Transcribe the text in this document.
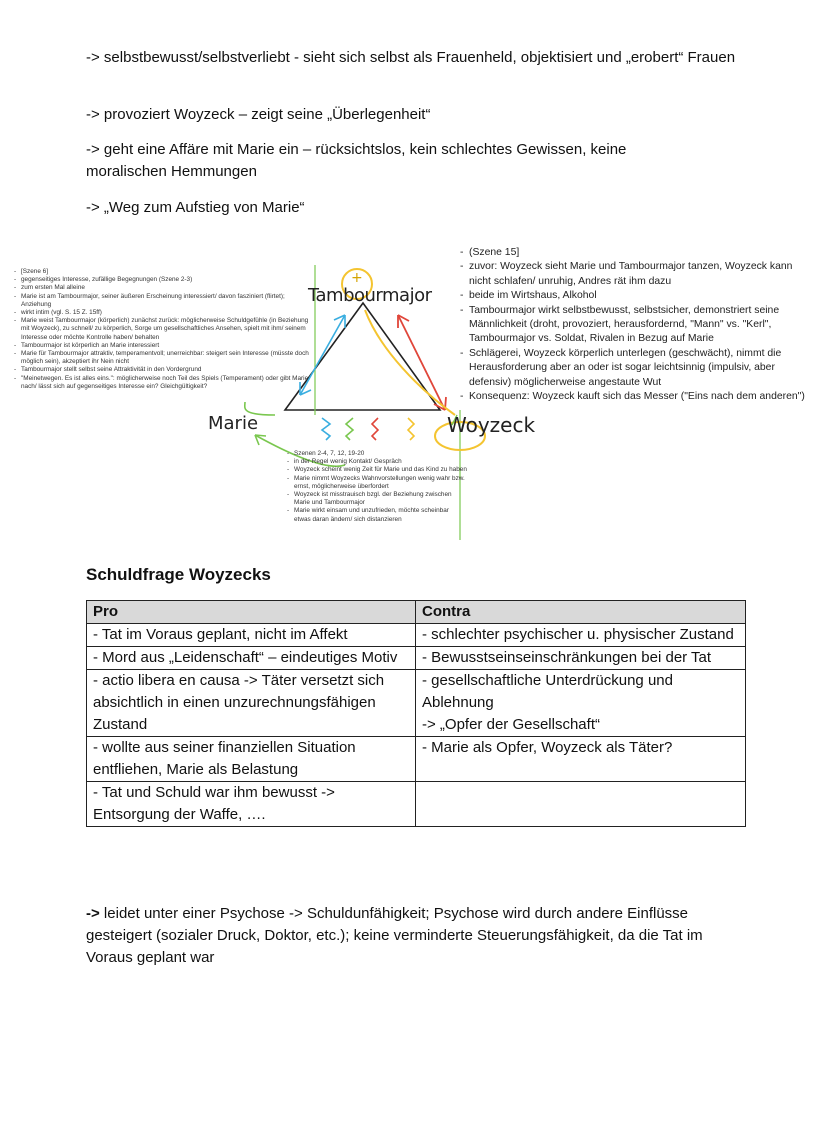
-> selbstbewusst/selbstverliebt - sieht sich selbst als Frauenheld, objektisiert und „erobert“ Frauen
-> provoziert Woyzeck – zeigt seine „Überlegenheit“
-> geht eine Affäre mit Marie ein – rücksichtslos, kein schlechtes Gewissen, keine moralischen Hemmungen
-> „Weg zum Aufstieg von Marie“
+
Tambourmajor
Marie	Woyzeck
- [Szene 6]
- gegenseitiges Interesse, zufällige Begegnungen (Szene 2-3)
- zum ersten Mal alleine
- Marie ist am Tambourmajor, seiner äußeren Erscheinung interessiert/ davon fasziniert (flirtet); Anziehung
- wirkt intim (vgl. S. 15 Z. 15ff)
- Marie weist Tambourmajor (körperlich) zunächst zurück: möglicherweise Schuldgefühle (in Beziehung mit Woyzeck), zu schnell/ zu körperlich, Sorge um gesellschaftliches Ansehen, spielt mit ihm/ seinem Interesse oder möchte Kontrolle haben/ behalten
- Tambourmajor ist körperlich an Marie interessiert
- Marie für Tambourmajor attraktiv, temperamentvoll; unerreichbar: steigert sein Interesse (müsste doch möglich sein), akzeptiert ihr Nein nicht
- Tambourmajor stellt selbst seine Attraktivität in den Vordergrund
- "Meinetwegen. Es ist alles eins.": möglicherweise noch Teil des Spiels (Temperament) oder gibt Marie nach/ lässt sich auf gegenseitiges Interesse ein? Gleichgültigkeit?
- (Szene 15]
- zuvor: Woyzeck sieht Marie und Tambourmajor tanzen, Woyzeck kann nicht schlafen/ unruhig, Andres rät ihm dazu
- beide im Wirtshaus, Alkohol
- Tambourmajor wirkt selbstbewusst, selbstsicher, demonstriert seine Männlichkeit (droht, provoziert, herausfordernd, "Mann" vs. "Kerl", Tambourmajor vs. Soldat, Rivalen in Bezug auf Marie
- Schlägerei, Woyzeck körperlich unterlegen (geschwächt), nimmt die Herausforderung aber an oder ist sogar leichtsinnig (impulsiv, aber defensiv) möglicherweise angestaute Wut
- Konsequenz: Woyzeck kauft sich das Messer ("Eins nach dem anderen")
- Szenen 2-4, 7, 12, 19-20
- in der Regel wenig Kontakt/ Gespräch
- Woyzeck scheint wenig Zeit für Marie und das Kind zu haben
- Marie nimmt Woyzecks Wahnvorstellungen wenig wahr bzw. ernst, möglicherweise überfordert
- Woyzeck ist misstrauisch bzgl. der Beziehung zwischen Marie und Tambourmajor
- Marie wirkt einsam und unzufrieden, möchte scheinbar etwas daran ändern/ sich distanzieren
Schuldfrage Woyzecks
Pro	Contra

- Tat im Voraus geplant, nicht im Affekt	- schlechter psychischer u. physischer Zustand

- Mord aus „Leidenschaft“ – eindeutiges Motiv	- Bewusstseinseinschränkungen bei der Tat

- actio libera en causa -> Täter versetzt sich absichtlich in einen unzurechnungsfähigen Zustand	- gesellschaftliche Unterdrückung und Ablehnung
-> „Opfer der Gesellschaft“

- wollte aus seiner finanziellen Situation entfliehen, Marie als Belastung	- Marie als Opfer, Woyzeck als Täter?

- Tat und Schuld war ihm bewusst -> Entsorgung der Waffe, ….	

-> leidet unter einer Psychose -> Schuldunfähigkeit; Psychose wird durch andere Einflüsse gesteigert (sozialer Druck, Doktor, etc.); keine verminderte Steuerungsfähigkeit, da die Tat im Voraus geplant war
